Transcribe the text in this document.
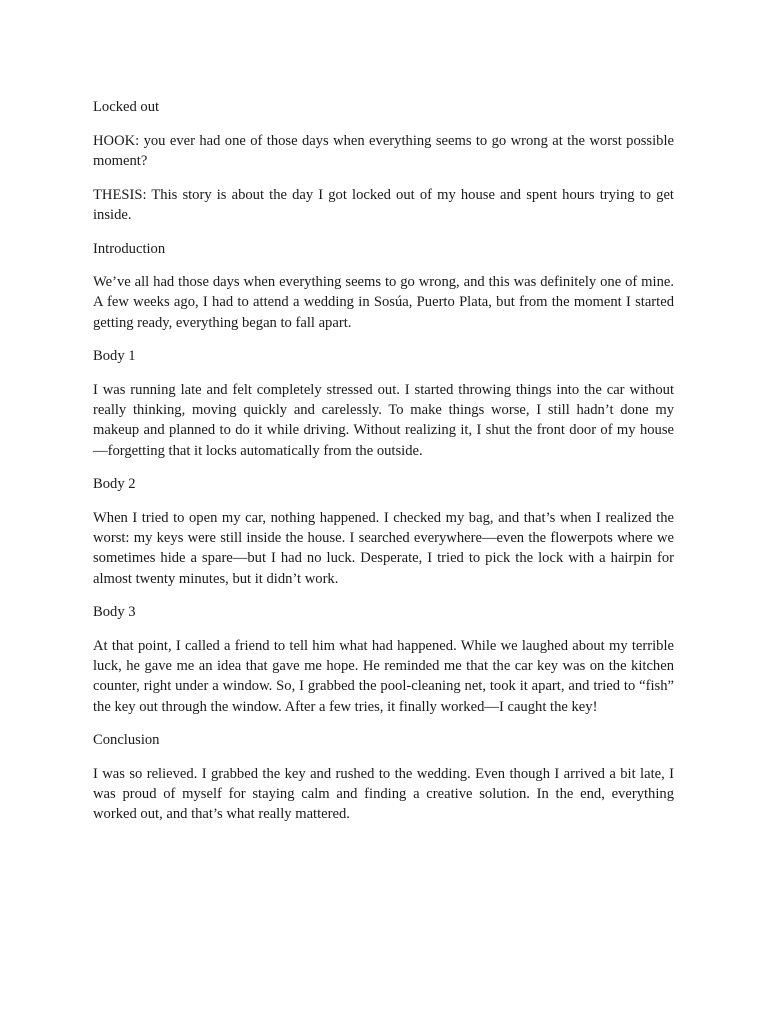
Locked out

HOOK: you ever had one of those days when everything seems to go wrong at the worst possible moment?

THESIS: This story is about the day I got locked out of my house and spent hours trying to get inside.

Introduction

We’ve all had those days when everything seems to go wrong, and this was definitely one of mine. A few weeks ago, I had to attend a wedding in Sosúa, Puerto Plata, but from the moment I started getting ready, everything began to fall apart.

Body 1

I was running late and felt completely stressed out. I started throwing things into the car without really thinking, moving quickly and carelessly. To make things worse, I still hadn’t done my makeup and planned to do it while driving. Without realizing it, I shut the front door of my house—forgetting that it locks automatically from the outside.

Body 2

When I tried to open my car, nothing happened. I checked my bag, and that’s when I realized the worst: my keys were still inside the house. I searched everywhere—even the flowerpots where we sometimes hide a spare—but I had no luck. Desperate, I tried to pick the lock with a hairpin for almost twenty minutes, but it didn’t work.

Body 3

At that point, I called a friend to tell him what had happened. While we laughed about my terrible luck, he gave me an idea that gave me hope. He reminded me that the car key was on the kitchen counter, right under a window. So, I grabbed the pool-cleaning net, took it apart, and tried to “fish” the key out through the window. After a few tries, it finally worked—I caught the key!

Conclusion

I was so relieved. I grabbed the key and rushed to the wedding. Even though I arrived a bit late, I was proud of myself for staying calm and finding a creative solution. In the end, everything worked out, and that’s what really mattered.
